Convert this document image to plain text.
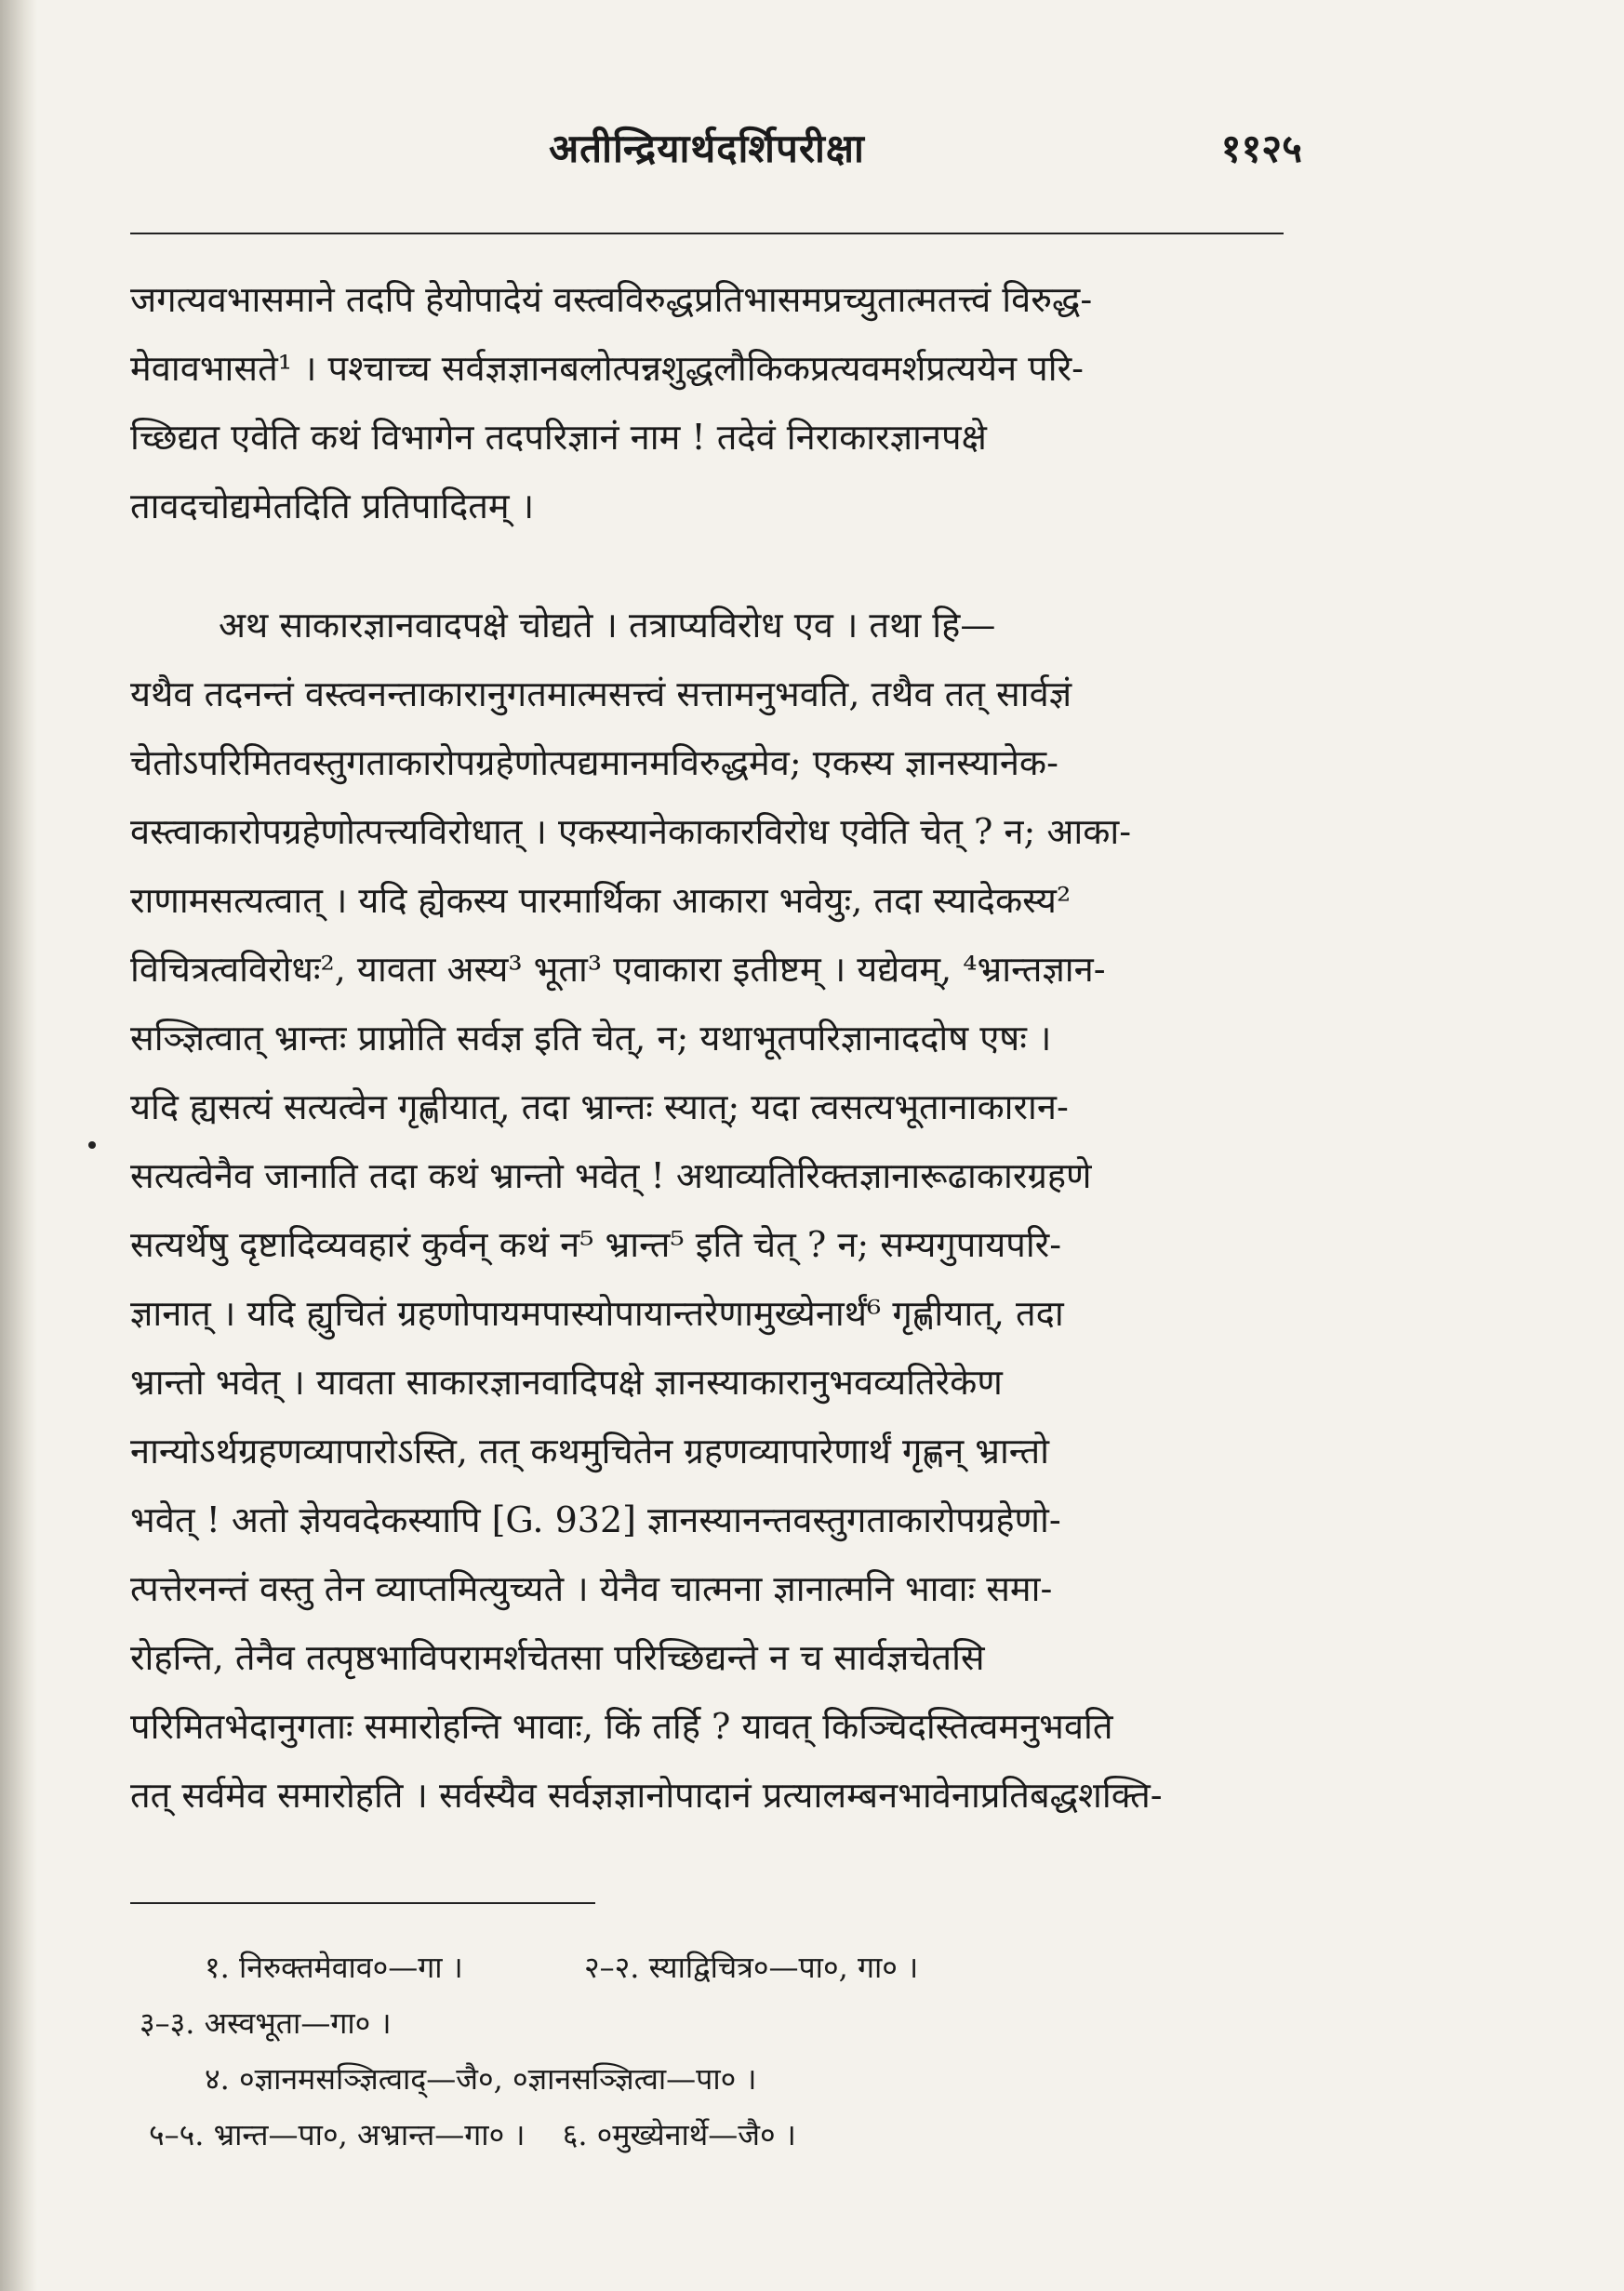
अतीन्द्रियार्थदर्शिपरीक्षा	११२५
जगत्यवभासमाने तदपि हेयोपादेयं वस्त्वविरुद्धप्रतिभासमप्रच्युतात्मतत्त्वं विरुद्ध-
मेवावभासते¹ । पश्चाच्च सर्वज्ञज्ञानबलोत्पन्नशुद्धलौकिकप्रत्यवमर्शप्रत्ययेन परि-
च्छिद्यत एवेति कथं विभागेन तदपरिज्ञानं नाम ! तदेवं निराकारज्ञानपक्षे
तावदचोद्यमेतदिति प्रतिपादितम् ।
अथ साकारज्ञानवादपक्षे चोद्यते । तत्राप्यविरोध एव । तथा हि—
यथैव तदनन्तं वस्त्वनन्ताकारानुगतमात्मसत्त्वं सत्तामनुभवति, तथैव तत् सार्वज्ञं
चेतोऽपरिमितवस्तुगताकारोपग्रहेणोत्पद्यमानमविरुद्धमेव; एकस्य ज्ञानस्यानेक-
वस्त्वाकारोपग्रहेणोत्पत्त्यविरोधात् । एकस्यानेकाकारविरोध एवेति चेत् ? न; आका-
राणामसत्यत्वात् । यदि ह्येकस्य पारमार्थिका आकारा भवेयुः, तदा स्यादेकस्य²
विचित्रत्वविरोधः², यावता अस्य³ भूता³ एवाकारा इतीष्टम् । यद्येवम्, ⁴भ्रान्तज्ञान-
सञ्ज्ञित्वात् भ्रान्तः प्राप्नोति सर्वज्ञ इति चेत्, न; यथाभूतपरिज्ञानाददोष एषः ।
यदि ह्यसत्यं सत्यत्वेन गृह्णीयात्, तदा भ्रान्तः स्यात्; यदा त्वसत्यभूतानाकारान-
सत्यत्वेनैव जानाति तदा कथं भ्रान्तो भवेत् ! अथाव्यतिरिक्तज्ञानारूढाकारग्रहणे
सत्यर्थेषु दृष्टादिव्यवहारं कुर्वन् कथं न⁵ भ्रान्त⁵ इति चेत् ? न; सम्यगुपायपरि-
ज्ञानात् । यदि ह्युचितं ग्रहणोपायमपास्योपायान्तरेणामुख्येनार्थं⁶ गृह्णीयात्, तदा
भ्रान्तो भवेत् । यावता साकारज्ञानवादिपक्षे ज्ञानस्याकारानुभवव्यतिरेकेण
नान्योऽर्थग्रहणव्यापारोऽस्ति, तत् कथमुचितेन ग्रहणव्यापारेणार्थं गृह्णन् भ्रान्तो
भवेत् ! अतो ज्ञेयवदेकस्यापि [G. 932] ज्ञानस्यानन्तवस्तुगताकारोपग्रहेणो-
त्पत्तेरनन्तं वस्तु तेन व्याप्तमित्युच्यते । येनैव चात्मना ज्ञानात्मनि भावाः समा-
रोहन्ति, तेनैव तत्पृष्ठभाविपरामर्शचेतसा परिच्छिद्यन्ते न च सार्वज्ञचेतसि
परिमितभेदानुगताः समारोहन्ति भावाः, किं तर्हि ? यावत् किञ्चिदस्तित्वमनुभवति
तत् सर्वमेव समारोहति । सर्वस्यैव सर्वज्ञज्ञानोपादानं प्रत्यालम्बनभावेनाप्रतिबद्धशक्ति-
१. निरुक्तमेवाव०—गा ।	२–२. स्याद्विचित्र०—पा०, गा० ।
३–३. अस्वभूता—गा० ।
४. ०ज्ञानमसञ्ज्ञित्वाद्—जै०, ०ज्ञानसञ्ज्ञित्वा—पा० ।
५–५. भ्रान्त—पा०, अभ्रान्त—गा० । ६. ०मुख्येनार्थे—जै० ।
